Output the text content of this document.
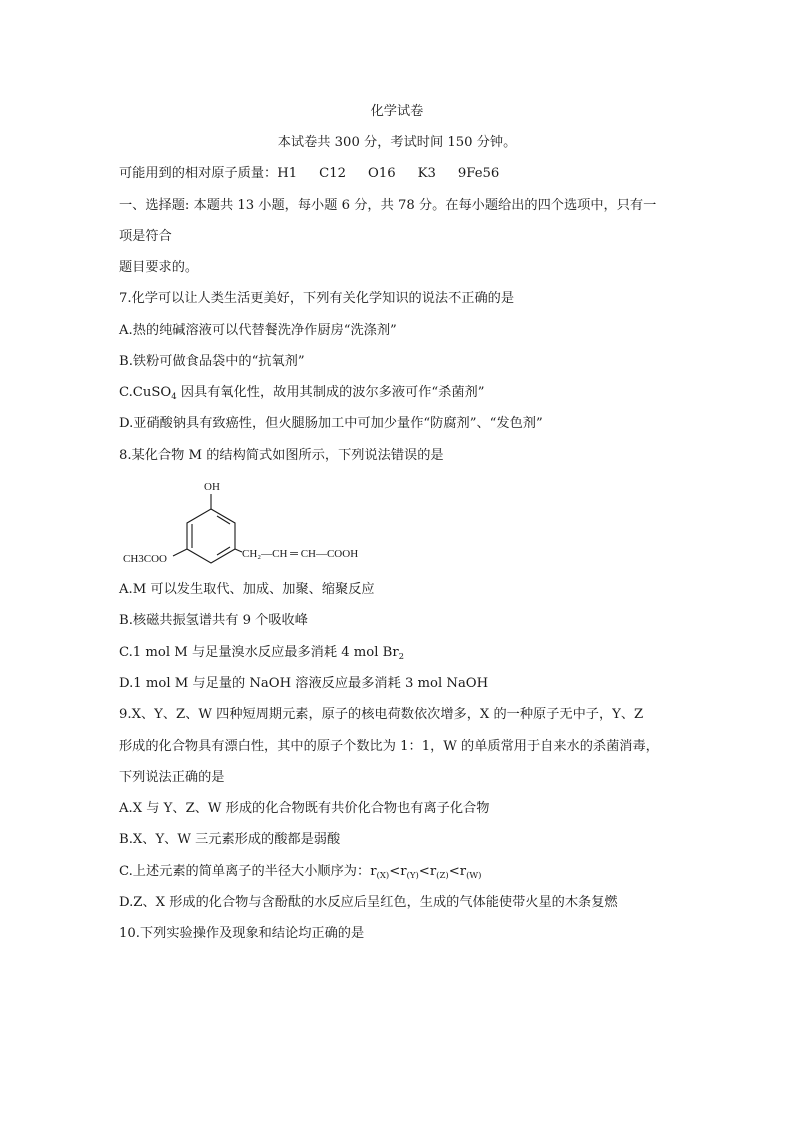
化学试卷
本试卷共 300 分，考试时间 150 分钟。
可能用到的相对原子质量：H1 C12 O16 K3 9Fe56
一、选择题: 本题共 13 小题，每小题 6 分，共 78 分。在每小题给出的四个选项中，只有一
项是符合
题目要求的。
7.化学可以让人类生活更美好，下列有关化学知识的说法不正确的是
A.热的纯碱溶液可以代替餐洗净作厨房“洗涤剂”
B.铁粉可做食品袋中的“抗氧剂”
C.CuSO$_4$ 因具有氧化性，故用其制成的波尔多液可作“杀菌剂”
D.亚硝酸钠具有致癌性，但火腿肠加工中可加少量作“防腐剂”、“发色剂”
8.某化合物 M 的结构简式如图所示，下列说法错误的是
OH
CH3COO	CH₂—CH ═ CH—COOH
A.M 可以发生取代、加成、加聚、缩聚反应
B.核磁共振氢谱共有 9 个吸收峰
C.1 mol M 与足量溴水反应最多消耗 4 mol $Br_2$
D.1 mol M 与足量的 NaOH 溶液反应最多消耗 3 mol NaOH
9.X、Y、Z、W 四种短周期元素，原子的核电荷数依次增多，X 的一种原子无中子，Y、Z
形成的化合物具有漂白性，其中的原子个数比为 1：1，W 的单质常用于自来水的杀菌消毒，
下列说法正确的是
A.X 与 Y、Z、W 形成的化合物既有共价化合物也有离子化合物
B.X、Y、W 三元素形成的酸都是弱酸
C.上述元素的简单离子的半径大小顺序为：$r_{(X)}<r_{(Y)}<r_{(Z)}<r_{(W)}$
D.Z、X 形成的化合物与含酚酞的水反应后呈红色，生成的气体能使带火星的木条复燃
10.下列实验操作及现象和结论均正确的是
